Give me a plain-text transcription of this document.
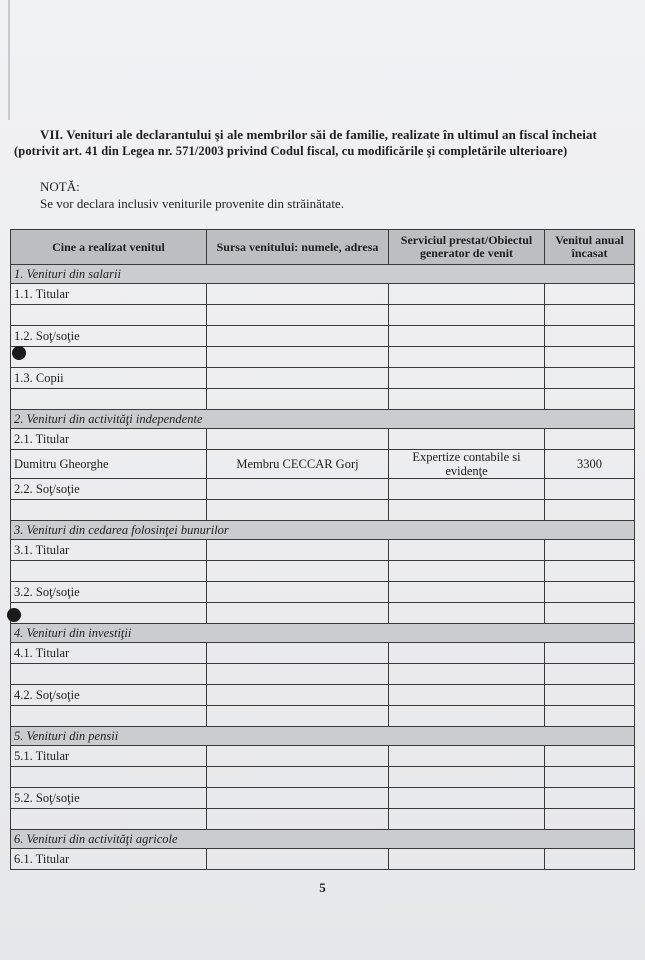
VII. Venituri ale declarantului şi ale membrilor săi de familie, realizate în ultimul an fiscal încheiat
(potrivit art. 41 din Legea nr. 571/2003 privind Codul fiscal, cu modificările şi completările ulterioare)
NOTĂ:
Se vor declara inclusiv veniturile provenite din străinătate.
Cine a realizat venitul	Sursa venitului: numele, adresa	Serviciul prestat/Obiectul generator de venit	Venitul anual încasat
1. Venituri din salarii			
1.1. Titular			

1.2. Soţ/soţie			

1.3. Copii			

2. Venituri din activităţi independente			
2.1. Titular			
Dumitru Gheorghe	Membru CECCAR Gorj	Expertize contabile si evidenţe	3300
2.2. Soţ/soţie			

3. Venituri din cedarea folosinţei bunurilor			
3.1. Titular			

3.2. Soţ/soţie			

4. Venituri din investiţii			
4.1. Titular			

4.2. Soţ/soţie			

5. Venituri din pensii			
5.1. Titular			

5.2. Soţ/soţie			

6. Venituri din activităţi agricole			
6.1. Titular			
5
